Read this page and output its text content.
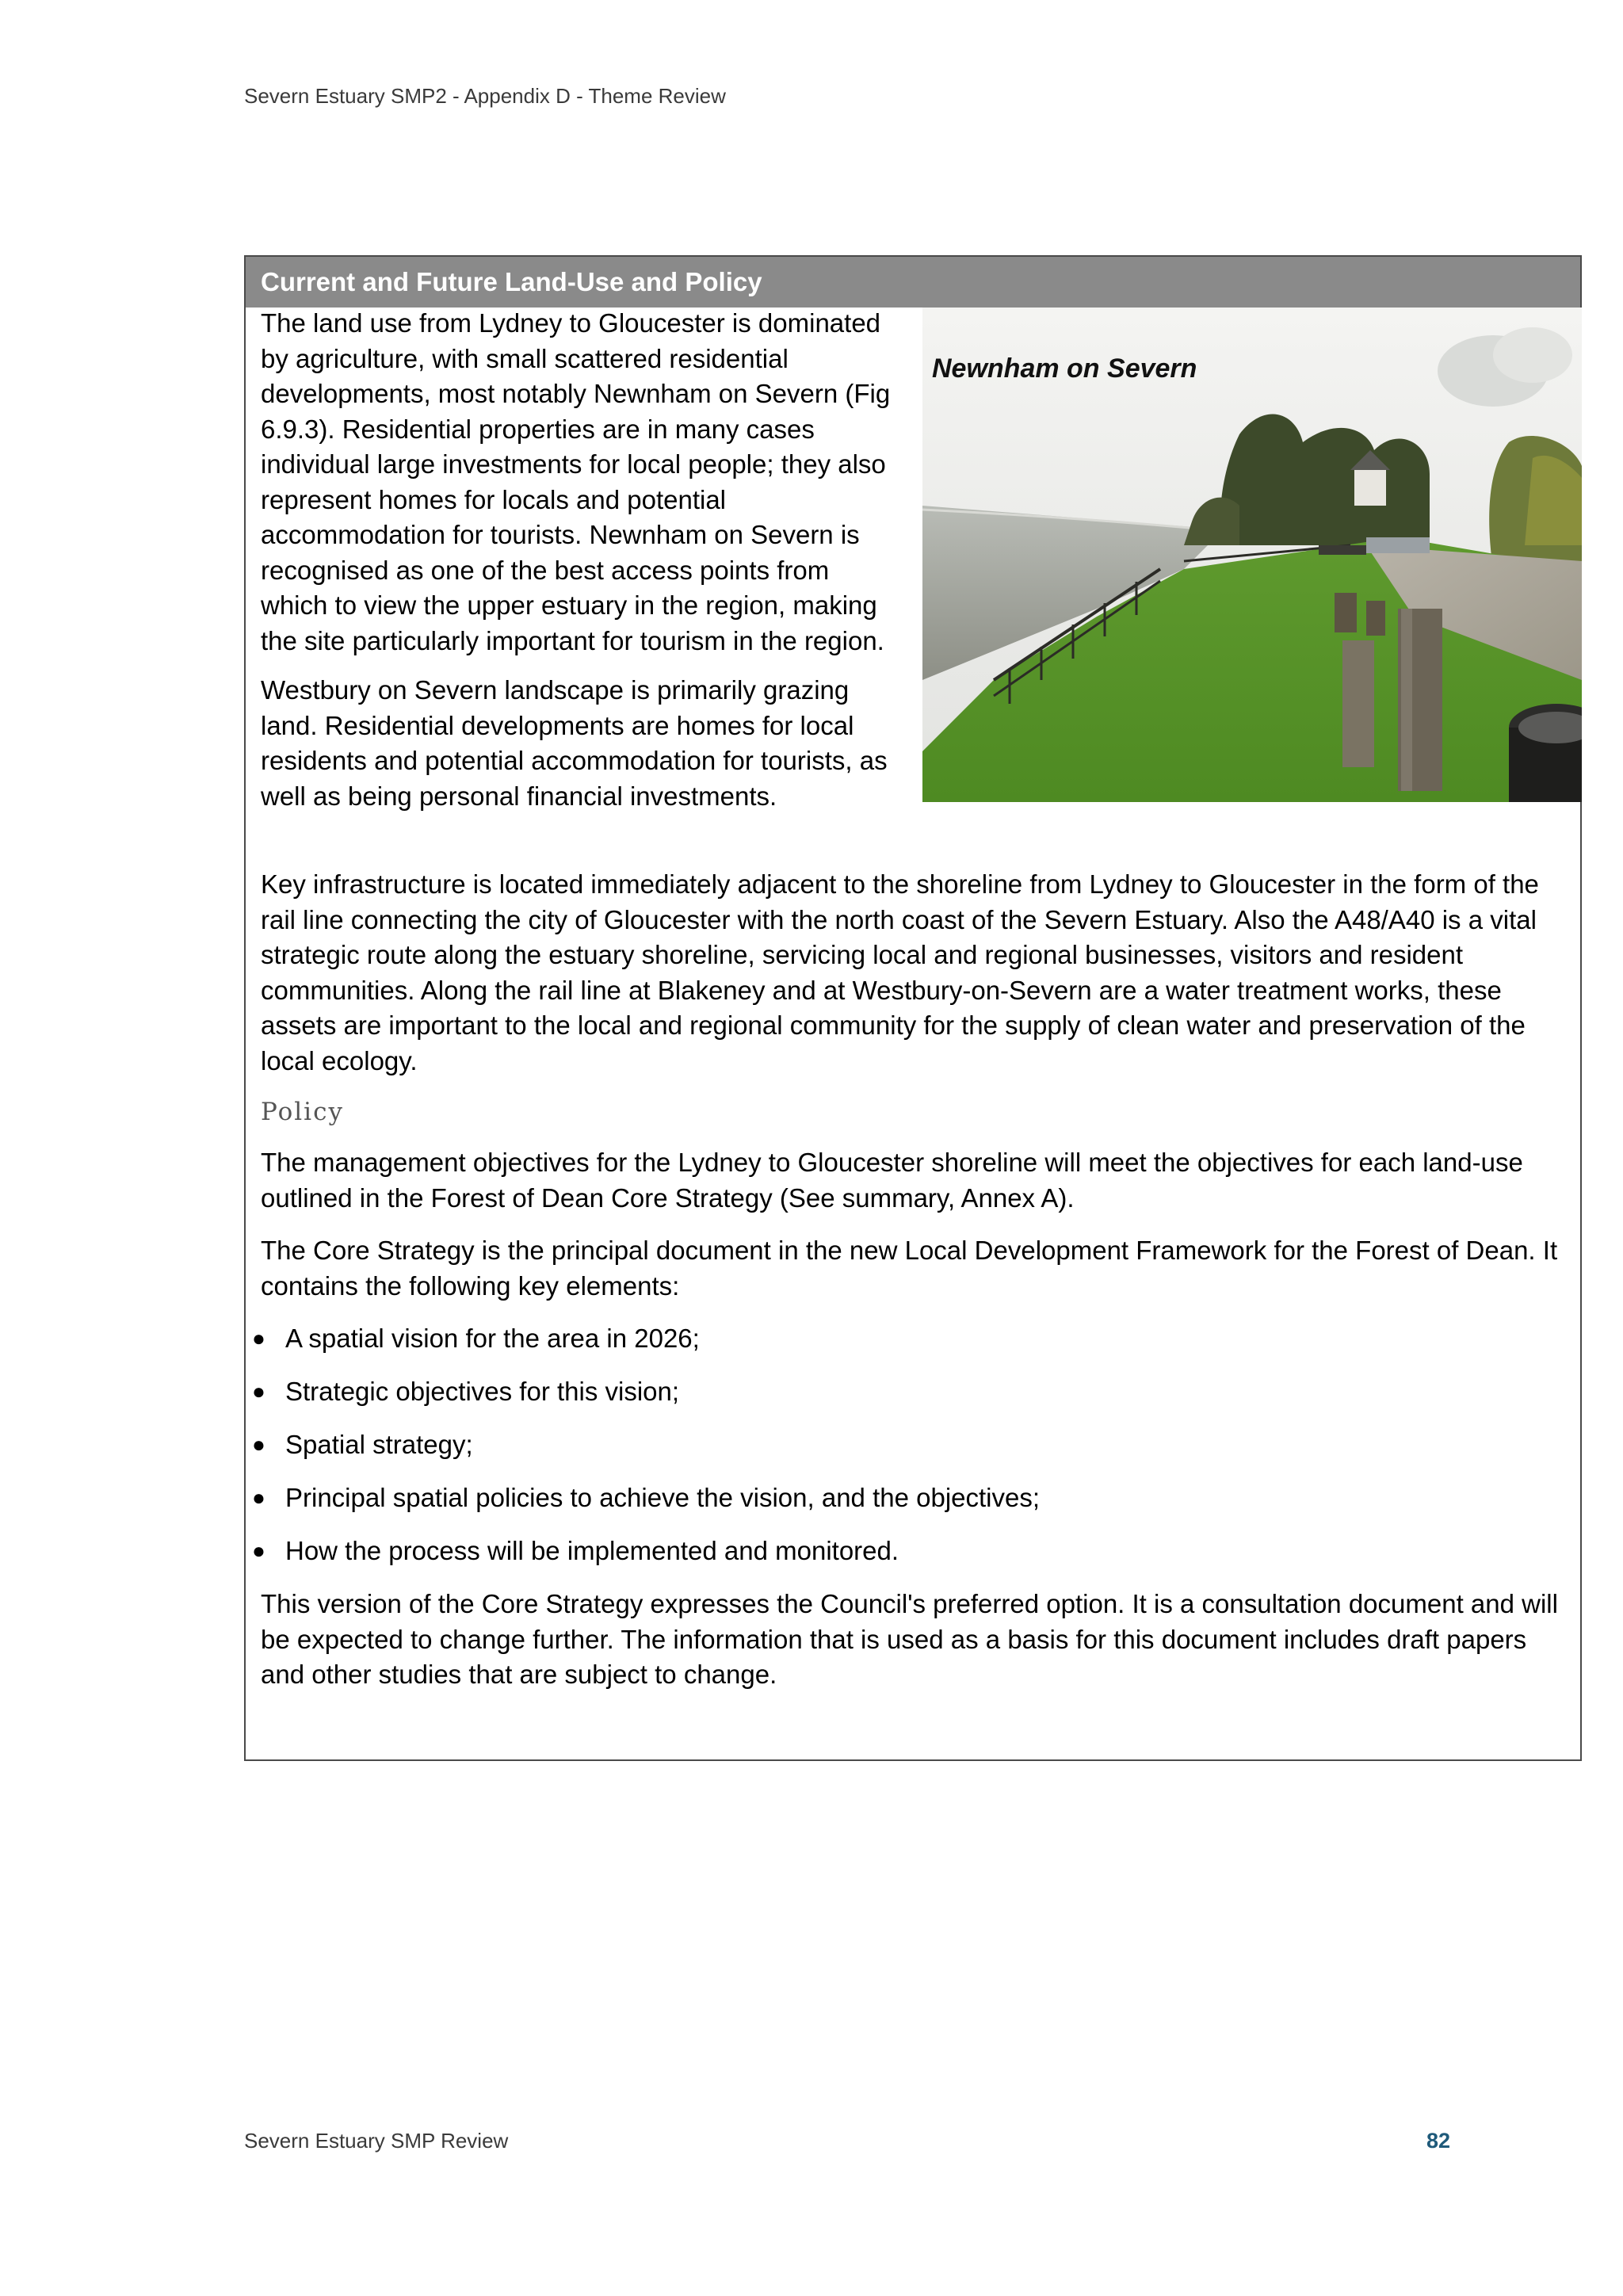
Severn Estuary SMP2 - Appendix D - Theme Review
Current and Future Land-Use and Policy

The land use from Lydney to Gloucester is dominated by agriculture, with small scattered residential developments, most notably Newnham on Severn (Fig 6.9.3). Residential properties are in many cases individual large investments for local people; they also represent homes for locals and potential accommodation for tourists. Newnham on Severn is recognised as one of the best access points from which to view the upper estuary in the region, making the site particularly important for tourism in the region.

Westbury on Severn landscape is primarily grazing land. Residential developments are homes for local residents and potential accommodation for tourists, as well as being personal financial investments.

Newnham on Severn

Key infrastructure is located immediately adjacent to the shoreline from Lydney to Gloucester in the form of the rail line connecting the city of Gloucester with the north coast of the Severn Estuary. Also the A48/A40 is a vital strategic route along the estuary shoreline, servicing local and regional businesses, visitors and resident communities. Along the rail line at Blakeney and at Westbury-on-Severn are a water treatment works, these assets are important to the local and regional community for the supply of clean water and preservation of the local ecology.

Policy

The management objectives for the Lydney to Gloucester shoreline will meet the objectives for each land-use outlined in the Forest of Dean Core Strategy (See summary, Annex A).

The Core Strategy is the principal document in the new Local Development Framework for the Forest of Dean. It contains the following key elements:

● A spatial vision for the area in 2026;
● Strategic objectives for this vision;
● Spatial strategy;
● Principal spatial policies to achieve the vision, and the objectives;
● How the process will be implemented and monitored.

This version of the Core Strategy expresses the Council's preferred option. It is a consultation document and will be expected to change further. The information that is used as a basis for this document includes draft papers and other studies that are subject to change.

Severn Estuary SMP Review	82
